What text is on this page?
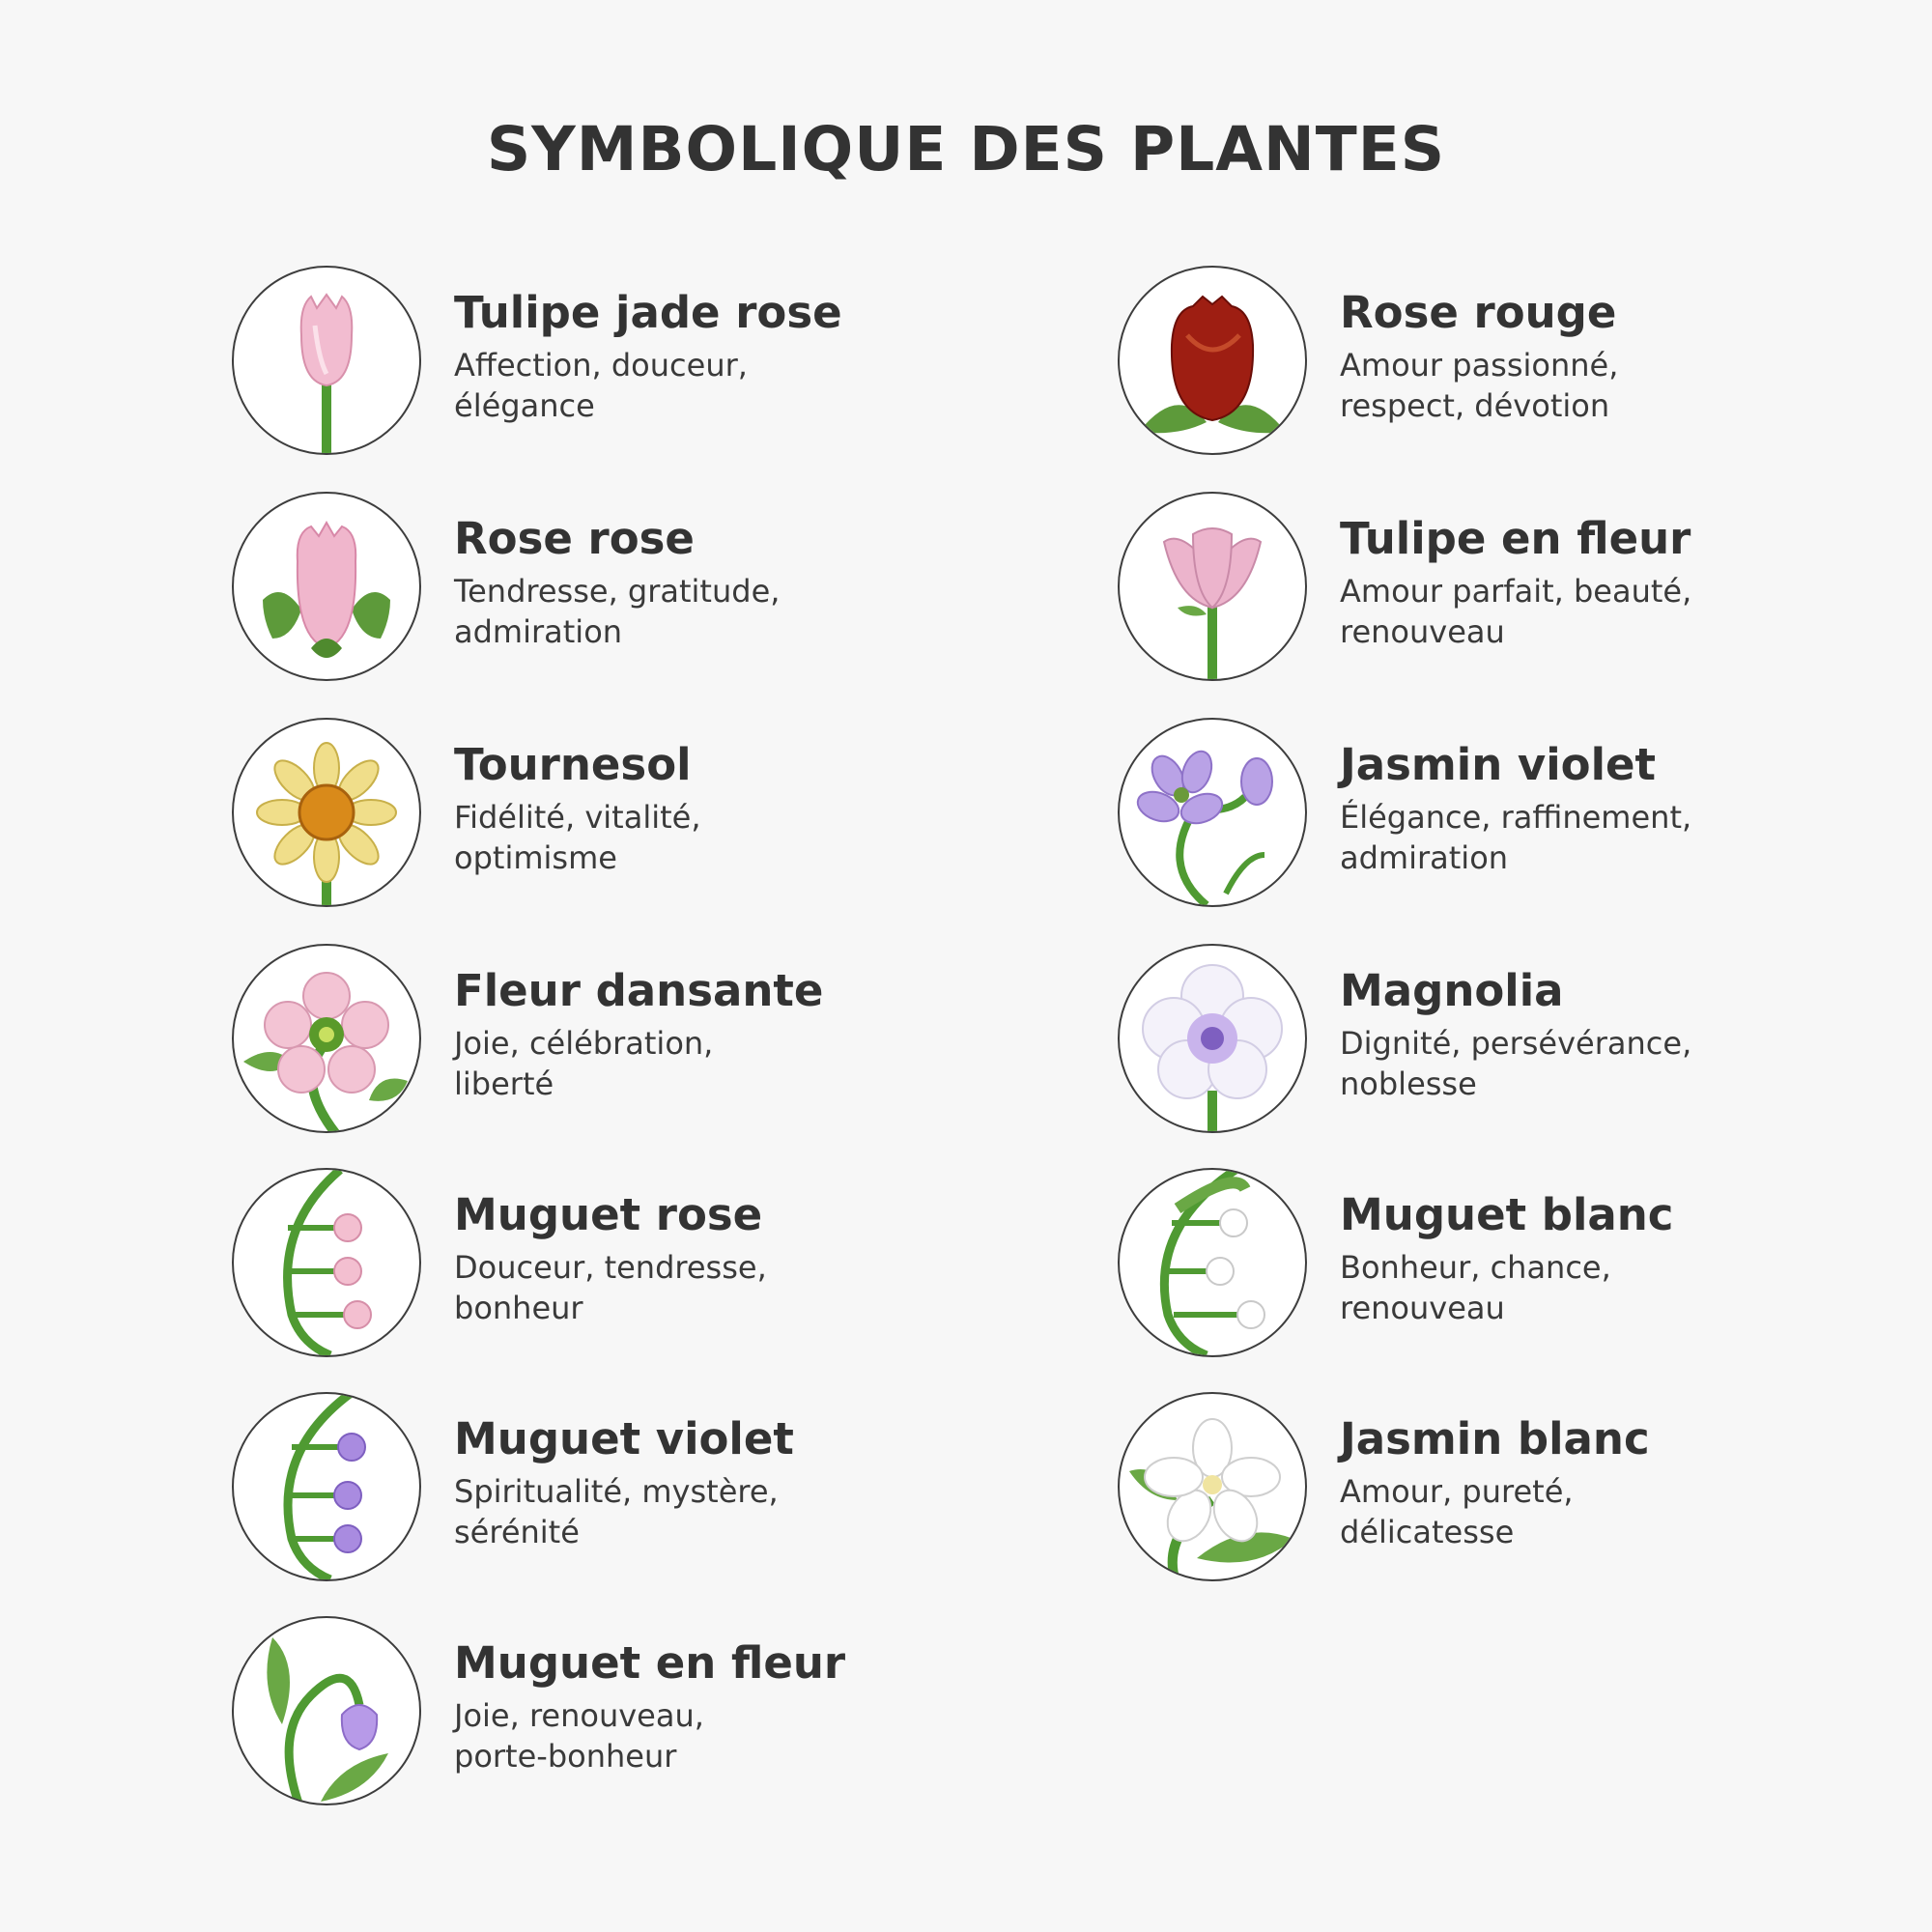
SYMBOLIQUE DES PLANTES
Tulipe jade rose
Affection, douceur,
élégance
Rose rose
Tendresse, gratitude,
admiration
Tournesol
Fidélité, vitalité,
optimisme
Fleur dansante
Joie, célébration,
liberté
Muguet rose
Douceur, tendresse,
bonheur
Muguet violet
Spiritualité, mystère,
sérénité
Muguet en fleur
Joie, renouveau,
porte-bonheur
Rose rouge
Amour passionné,
respect, dévotion
Tulipe en fleur
Amour parfait, beauté,
renouveau
Jasmin violet
Élégance, raffinement,
admiration
Magnolia
Dignité, persévérance,
noblesse
Muguet blanc
Bonheur, chance,
renouveau
Jasmin blanc
Amour, pureté,
délicatesse
